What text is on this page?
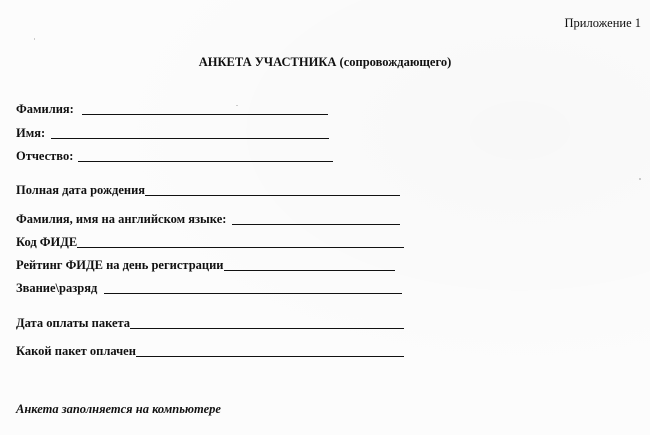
Приложение 1
АНКЕТА УЧАСТНИКА (сопровождающего)
Фамилия:
Имя:
Отчество:
Полная дата рождения
Фамилия, имя на английском языке:
Код ФИДЕ
Рейтинг ФИДЕ на день регистрации
Звание\разряд
Дата оплаты пакета
Какой пакет оплачен
Анкета заполняется на компьютере
